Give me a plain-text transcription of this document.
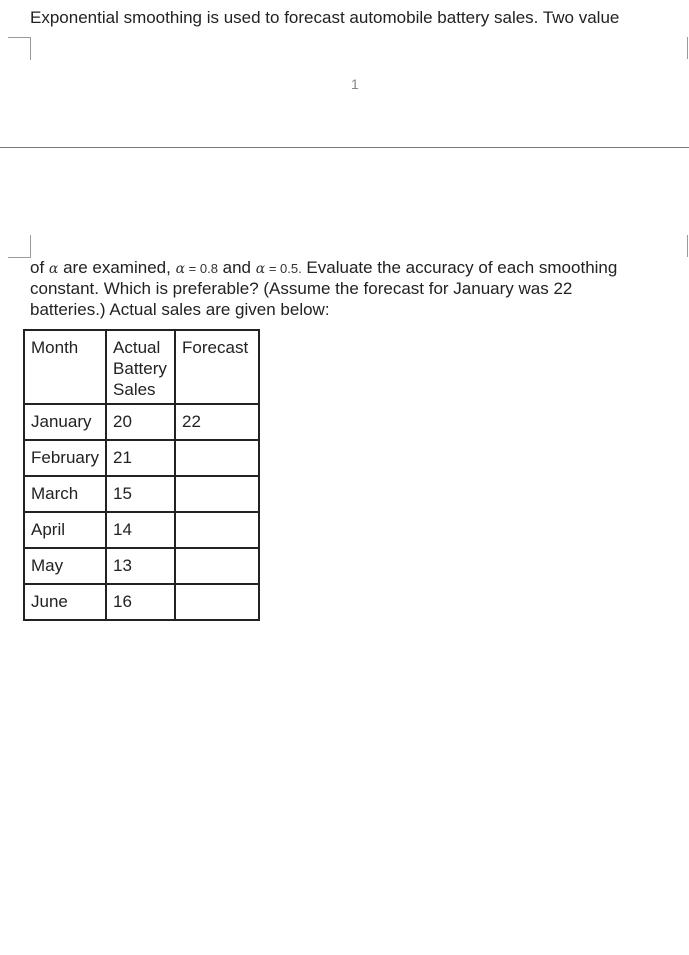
Exponential smoothing is used to forecast automobile battery sales. Two value
1
of α are examined, α = 0.8 and α = 0.5. Evaluate the accuracy of each smoothing
constant. Which is preferable? (Assume the forecast for January was 22
batteries.) Actual sales are given below:
Month	Actual Battery Sales	Forecast

January	20	22
February	21	
March	15	
April	14	
May	13	
June	16	
